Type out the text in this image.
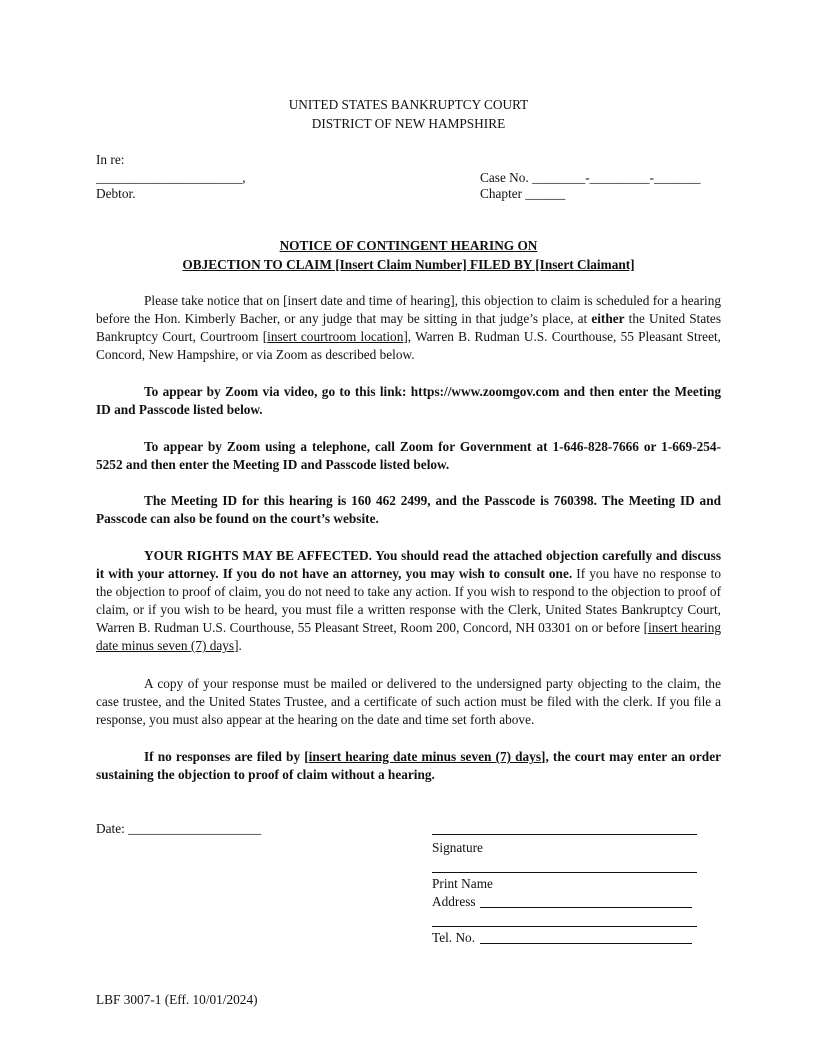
UNITED STATES BANKRUPTCY COURT
DISTRICT OF NEW HAMPSHIRE
In re:
______________________,
Debtor.
Case No. ________-_________-_______
Chapter ______
NOTICE OF CONTINGENT HEARING ON
OBJECTION TO CLAIM [Insert Claim Number] FILED BY [Insert Claimant]
Please take notice that on [insert date and time of hearing], this objection to claim is scheduled for a hearing before the Hon. Kimberly Bacher, or any judge that may be sitting in that judge’s place, at either the United States Bankruptcy Court, Courtroom [insert courtroom location], Warren B. Rudman U.S. Courthouse, 55 Pleasant Street, Concord, New Hampshire, or via Zoom as described below.
To appear by Zoom via video, go to this link: https://www.zoomgov.com and then enter the Meeting ID and Passcode listed below.
To appear by Zoom using a telephone, call Zoom for Government at 1-646-828-7666 or 1-669-254-5252 and then enter the Meeting ID and Passcode listed below.
The Meeting ID for this hearing is 160 462 2499, and the Passcode is 760398. The Meeting ID and Passcode can also be found on the court’s website.
YOUR RIGHTS MAY BE AFFECTED. You should read the attached objection carefully and discuss it with your attorney. If you do not have an attorney, you may wish to consult one. If you have no response to the objection to proof of claim, you do not need to take any action. If you wish to respond to the objection to proof of claim, or if you wish to be heard, you must file a written response with the Clerk, United States Bankruptcy Court, Warren B. Rudman U.S. Courthouse, 55 Pleasant Street, Room 200, Concord, NH 03301 on or before [insert hearing date minus seven (7) days].
A copy of your response must be mailed or delivered to the undersigned party objecting to the claim, the case trustee, and the United States Trustee, and a certificate of such action must be filed with the clerk. If you file a response, you must also appear at the hearing on the date and time set forth above.
If no responses are filed by [insert hearing date minus seven (7) days], the court may enter an order sustaining the objection to proof of claim without a hearing.
Date: ____________________
Signature
Print Name
Address
Tel. No.
LBF 3007-1 (Eff. 10/01/2024)
